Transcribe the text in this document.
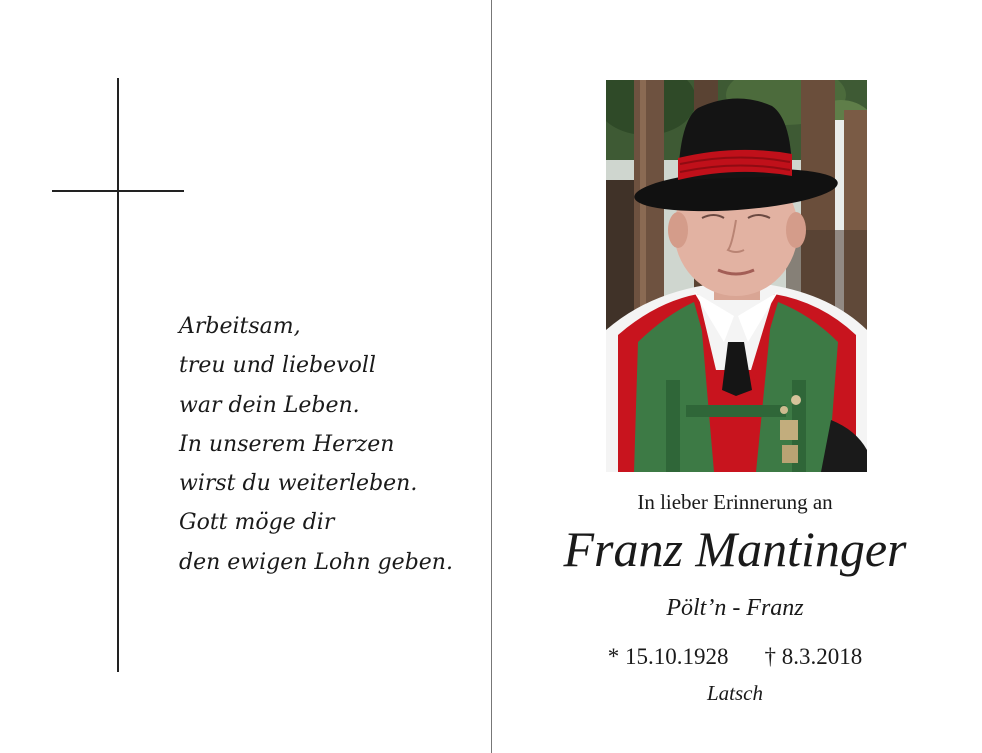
Arbeitsam,
treu und liebevoll
war dein Leben.
In unserem Herzen
wirst du weiterleben.
Gott möge dir
den ewigen Lohn geben.
In lieber Erinnerung an
Franz Mantinger
Pölt’n - Franz
* 15.10.1928 † 8.3.2018
Latsch
